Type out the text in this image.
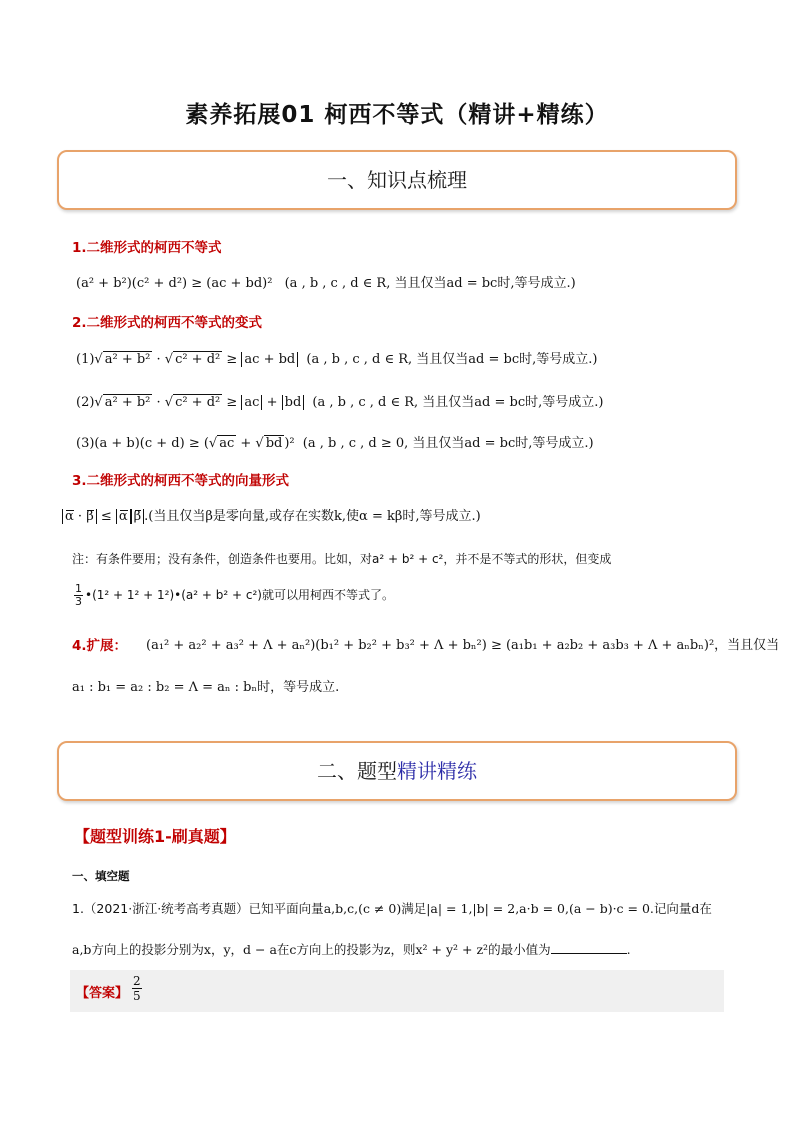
素养拓展01 柯西不等式（精讲+精练）
一、知识点梳理
1.二维形式的柯西不等式
(a² + b²)(c² + d²) ≥ (ac + bd)² (a , b , c , d ∈ R, 当且仅当ad = bc时,等号成立.)
2.二维形式的柯西不等式的变式
(1)√ a² + b² · √ c² + d² ≥ ac + bd (a , b , c , d ∈ R, 当且仅当ad = bc时,等号成立.)
(2)√ a² + b² · √ c² + d² ≥ ac + bd (a , b , c , d ∈ R, 当且仅当ad = bc时,等号成立.)
(3)(a + b)(c + d) ≥ (√ ac + √ bd )² (a , b , c , d ≥ 0, 当且仅当ad = bc时,等号成立.)
3.二维形式的柯西不等式的向量形式
α · β ≤ α β .(当且仅当β是零向量,或存在实数k,使α = kβ时,等号成立.)
注：有条件要用；没有条件，创造条件也要用。比如，对a² + b² + c²，并不是不等式的形状，但变成
$\frac{1}{3}$ •(1² + 1² + 1²)•(a² + b² + c²)就可以用柯西不等式了。
4.扩展： (a₁² + a₂² + a₃² + Λ + aₙ²)(b₁² + b₂² + b₃² + Λ + bₙ²) ≥ (a₁b₁ + a₂b₂ + a₃b₃ + Λ + aₙbₙ)²，当且仅当
a₁ : b₁ = a₂ : b₂ = Λ = aₙ : bₙ时，等号成立.
二、题型精讲精练
【题型训练1-刷真题】
一、填空题
1.（2021·浙江·统考高考真题）已知平面向量a,b,c,(c ≠ 0)满足|a| = 1,|b| = 2,a·b = 0,(a − b)·c = 0.记向量d在
a,b方向上的投影分别为x，y，d − a在c方向上的投影为z，则x² + y² + z²的最小值为	.
【答案】 $\frac{2}{5}$
